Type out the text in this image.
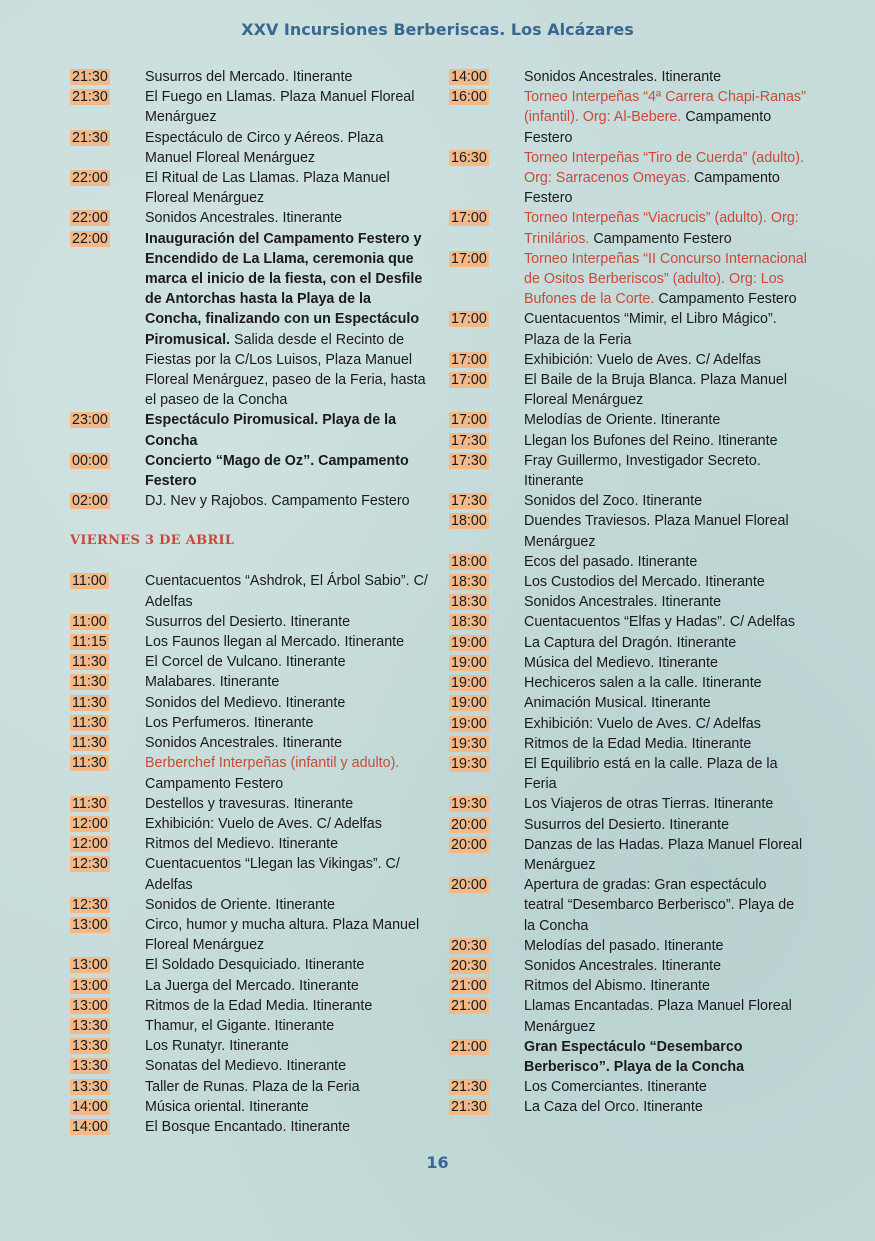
XXV Incursiones Berberiscas. Los Alcázares
21:30	Susurros del Mercado. Itinerante
21:30	El Fuego en Llamas. Plaza Manuel Floreal Menárguez
21:30	Espectáculo de Circo y Aéreos. Plaza Manuel Floreal Menárguez
22:00	El Ritual de Las Llamas. Plaza Manuel Floreal Menárguez
22:00	Sonidos Ancestrales. Itinerante
22:00	Inauguración del Campamento Festero y Encendido de La Llama, ceremonia que marca el inicio de la fiesta, con el Desfile de Antorchas hasta la Playa de la Concha, finalizando con un Espectáculo Piromusical. Salida desde el Recinto de Fiestas por la C/Los Luisos, Plaza Manuel Floreal Menárguez, paseo de la Feria, hasta el paseo de la Concha
23:00	Espectáculo Piromusical. Playa de la Concha
00:00	Concierto “Mago de Oz”. Campamento Festero
02:00	DJ. Nev y Rajobos. Campamento Festero
VIERNES 3 DE ABRIL
11:00	Cuentacuentos “Ashdrok, El Árbol Sabio”. C/ Adelfas
11:00	Susurros del Desierto. Itinerante
11:15	Los Faunos llegan al Mercado. Itinerante
11:30	El Corcel de Vulcano. Itinerante
11:30	Malabares. Itinerante
11:30	Sonidos del Medievo. Itinerante
11:30	Los Perfumeros. Itinerante
11:30	Sonidos Ancestrales. Itinerante
11:30	Berberchef Interpeñas (infantil y adulto). Campamento Festero
11:30	Destellos y travesuras. Itinerante
12:00	Exhibición: Vuelo de Aves. C/ Adelfas
12:00	Ritmos del Medievo. Itinerante
12:30	Cuentacuentos “Llegan las Vikingas”. C/ Adelfas
12:30	Sonidos de Oriente. Itinerante
13:00	Circo, humor y mucha altura. Plaza Manuel Floreal Menárguez
13:00	El Soldado Desquiciado. Itinerante
13:00	La Juerga del Mercado. Itinerante
13:00	Ritmos de la Edad Media. Itinerante
13:30	Thamur, el Gigante. Itinerante
13:30	Los Runatyr. Itinerante
13:30	Sonatas del Medievo. Itinerante
13:30	Taller de Runas. Plaza de la Feria
14:00	Música oriental. Itinerante
14:00	El Bosque Encantado. Itinerante
14:00	Sonidos Ancestrales. Itinerante
16:00	Torneo Interpeñas “4ª Carrera Chapi-Ranas” (infantil). Org: Al-Bebere. Campamento Festero
16:30	Torneo Interpeñas “Tiro de Cuerda” (adulto). Org: Sarracenos Omeyas. Campamento Festero
17:00	Torneo Interpeñas “Viacrucis” (adulto). Org: Trinilários. Campamento Festero
17:00	Torneo Interpeñas “II Concurso Internacional de Ositos Berberiscos” (adulto). Org: Los Bufones de la Corte. Campamento Festero
17:00	Cuentacuentos “Mimir, el Libro Mágico”. Plaza de la Feria
17:00	Exhibición: Vuelo de Aves. C/ Adelfas
17:00	El Baile de la Bruja Blanca. Plaza Manuel Floreal Menárguez
17:00	Melodías de Oriente. Itinerante
17:30	Llegan los Bufones del Reino. Itinerante
17:30	Fray Guillermo, Investigador Secreto. Itinerante
17:30	Sonidos del Zoco. Itinerante
18:00	Duendes Traviesos. Plaza Manuel Floreal Menárguez
18:00	Ecos del pasado. Itinerante
18:30	Los Custodios del Mercado. Itinerante
18:30	Sonidos Ancestrales. Itinerante
18:30	Cuentacuentos “Elfas y Hadas”. C/ Adelfas
19:00	La Captura del Dragón. Itinerante
19:00	Música del Medievo. Itinerante
19:00	Hechiceros salen a la calle. Itinerante
19:00	Animación Musical. Itinerante
19:00	Exhibición: Vuelo de Aves. C/ Adelfas
19:30	Ritmos de la Edad Media. Itinerante
19:30	El Equilibrio está en la calle. Plaza de la Feria
19:30	Los Viajeros de otras Tierras. Itinerante
20:00	Susurros del Desierto. Itinerante
20:00	Danzas de las Hadas. Plaza Manuel Floreal Menárguez
20:00	Apertura de gradas: Gran espectáculo teatral “Desembarco Berberisco”. Playa de la Concha
20:30	Melodías del pasado. Itinerante
20:30	Sonidos Ancestrales. Itinerante
21:00	Ritmos del Abismo. Itinerante
21:00	Llamas Encantadas. Plaza Manuel Floreal Menárguez
21:00	Gran Espectáculo “Desembarco Berberisco”. Playa de la Concha
21:30	Los Comerciantes. Itinerante
21:30	La Caza del Orco. Itinerante
16
